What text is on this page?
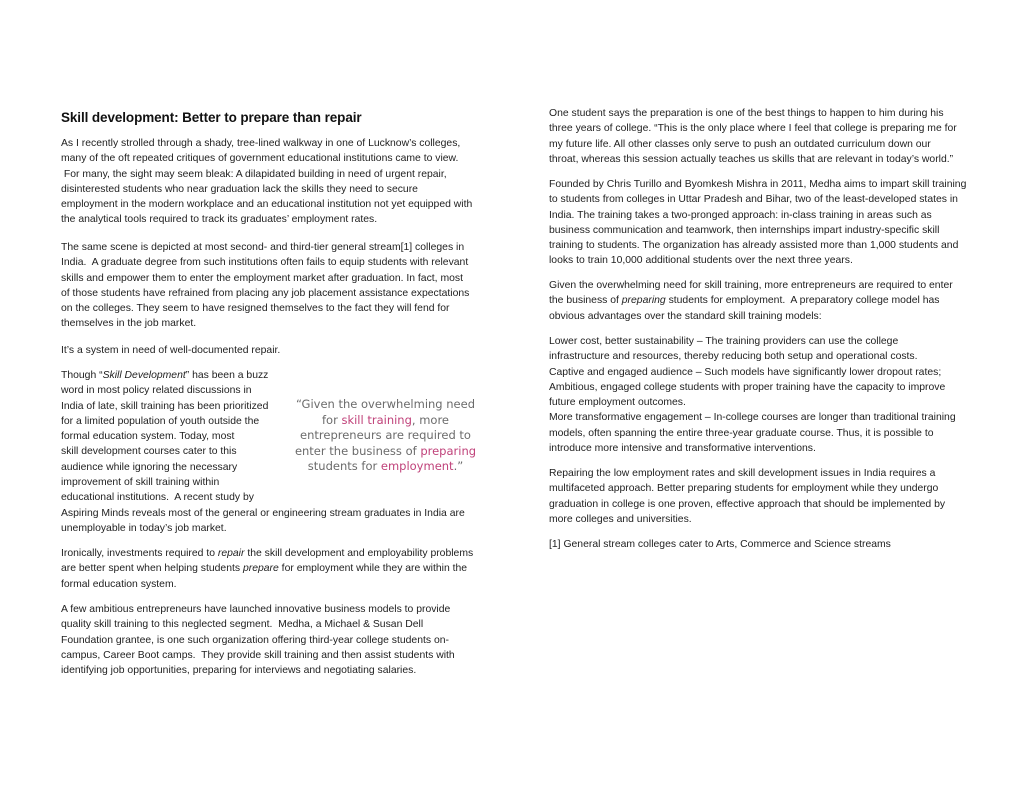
Skill development: Better to prepare than repair

As I recently strolled through a shady, tree-lined walkway in one of Lucknow’s colleges,
many of the oft repeated critiques of government educational institutions came to view.
For many, the sight may seem bleak: A dilapidated building in need of urgent repair,
disinterested students who near graduation lack the skills they need to secure
employment in the modern workplace and an educational institution not yet equipped with
the analytical tools required to track its graduates’ employment rates.

The same scene is depicted at most second- and third-tier general stream[1] colleges in
India.  A graduate degree from such institutions often fails to equip students with relevant
skills and empower them to enter the employment market after graduation. In fact, most
of those students have refrained from placing any job placement assistance expectations
on the colleges. They seem to have resigned themselves to the fact they will fend for
themselves in the job market.

It’s a system in need of well-documented repair.

Though “Skill Development” has been a buzz
word in most policy related discussions in
India of late, skill training has been prioritized
for a limited population of youth outside the
formal education system. Today, most
skill development courses cater to this
audience while ignoring the necessary
improvement of skill training within
educational institutions.  A recent study by
Aspiring Minds reveals most of the general or engineering stream graduates in India are
unemployable in today’s job market.

Ironically, investments required to repair the skill development and employability problems
are better spent when helping students prepare for employment while they are within the
formal education system.

A few ambitious entrepreneurs have launched innovative business models to provide
quality skill training to this neglected segment.  Medha, a Michael & Susan Dell
Foundation grantee, is one such organization offering third-year college students on-
campus, Career Boot camps.  They provide skill training and then assist students with
identifying job opportunities, preparing for interviews and negotiating salaries.

“Given the overwhelming need
for skill training, more
entrepreneurs are required to
enter the business of preparing
students for employment.”

One student says the preparation is one of the best things to happen to him during his
three years of college. “This is the only place where I feel that college is preparing me for
my future life. All other classes only serve to push an outdated curriculum down our
throat, whereas this session actually teaches us skills that are relevant in today’s world.”

Founded by Chris Turillo and Byomkesh Mishra in 2011, Medha aims to impart skill training
to students from colleges in Uttar Pradesh and Bihar, two of the least-developed states in
India. The training takes a two-pronged approach: in-class training in areas such as
business communication and teamwork, then internships impart industry-specific skill
training to students. The organization has already assisted more than 1,000 students and
looks to train 10,000 additional students over the next three years.

Given the overwhelming need for skill training, more entrepreneurs are required to enter
the business of preparing students for employment.  A preparatory college model has
obvious advantages over the standard skill training models:

Lower cost, better sustainability – The training providers can use the college
infrastructure and resources, thereby reducing both setup and operational costs.
Captive and engaged audience – Such models have significantly lower dropout rates;
Ambitious, engaged college students with proper training have the capacity to improve
future employment outcomes.
More transformative engagement – In-college courses are longer than traditional training
models, often spanning the entire three-year graduate course. Thus, it is possible to
introduce more intensive and transformative interventions.

Repairing the low employment rates and skill development issues in India requires a
multifaceted approach. Better preparing students for employment while they undergo
graduation in college is one proven, effective approach that should be implemented by
more colleges and universities.

[1] General stream colleges cater to Arts, Commerce and Science streams
